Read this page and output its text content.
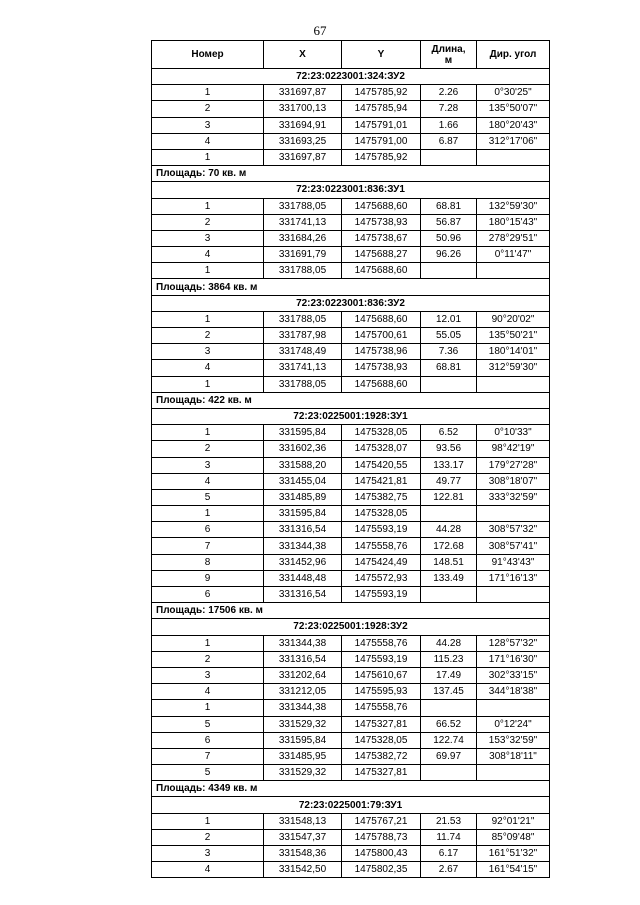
67
Номер	X	Y	Длина,
м	Дир. угол
72:23:0223001:324:ЗУ2				
1	331697,87	1475785,92	2.26	0°30'25"
2	331700,13	1475785,94	7.28	135°50'07"
3	331694,91	1475791,01	1.66	180°20'43"
4	331693,25	1475791,00	6.87	312°17'06"
1	331697,87	1475785,92		
Площадь: 70 кв. м				
72:23:0223001:836:ЗУ1				
1	331788,05	1475688,60	68.81	132°59'30"
2	331741,13	1475738,93	56.87	180°15'43"
3	331684,26	1475738,67	50.96	278°29'51"
4	331691,79	1475688,27	96.26	0°11'47"
1	331788,05	1475688,60		
Площадь: 3864 кв. м				
72:23:0223001:836:ЗУ2				
1	331788,05	1475688,60	12.01	90°20'02"
2	331787,98	1475700,61	55.05	135°50'21"
3	331748,49	1475738,96	7.36	180°14'01"
4	331741,13	1475738,93	68.81	312°59'30"
1	331788,05	1475688,60		
Площадь: 422 кв. м				
72:23:0225001:1928:ЗУ1				
1	331595,84	1475328,05	6.52	0°10'33"
2	331602,36	1475328,07	93.56	98°42'19"
3	331588,20	1475420,55	133.17	179°27'28"
4	331455,04	1475421,81	49.77	308°18'07"
5	331485,89	1475382,75	122.81	333°32'59"
1	331595,84	1475328,05		
6	331316,54	1475593,19	44.28	308°57'32"
7	331344,38	1475558,76	172.68	308°57'41"
8	331452,96	1475424,49	148.51	91°43'43"
9	331448,48	1475572,93	133.49	171°16'13"
6	331316,54	1475593,19		
Площадь: 17506 кв. м				
72:23:0225001:1928:ЗУ2				
1	331344,38	1475558,76	44.28	128°57'32"
2	331316,54	1475593,19	115.23	171°16'30"
3	331202,64	1475610,67	17.49	302°33'15"
4	331212,05	1475595,93	137.45	344°18'38"
1	331344,38	1475558,76		
5	331529,32	1475327,81	66.52	0°12'24"
6	331595,84	1475328,05	122.74	153°32'59"
7	331485,95	1475382,72	69.97	308°18'11"
5	331529,32	1475327,81		
Площадь: 4349 кв. м				
72:23:0225001:79:ЗУ1				
1	331548,13	1475767,21	21.53	92°01'21"
2	331547,37	1475788,73	11.74	85°09'48"
3	331548,36	1475800,43	6.17	161°51'32"
4	331542,50	1475802,35	2.67	161°54'15"
